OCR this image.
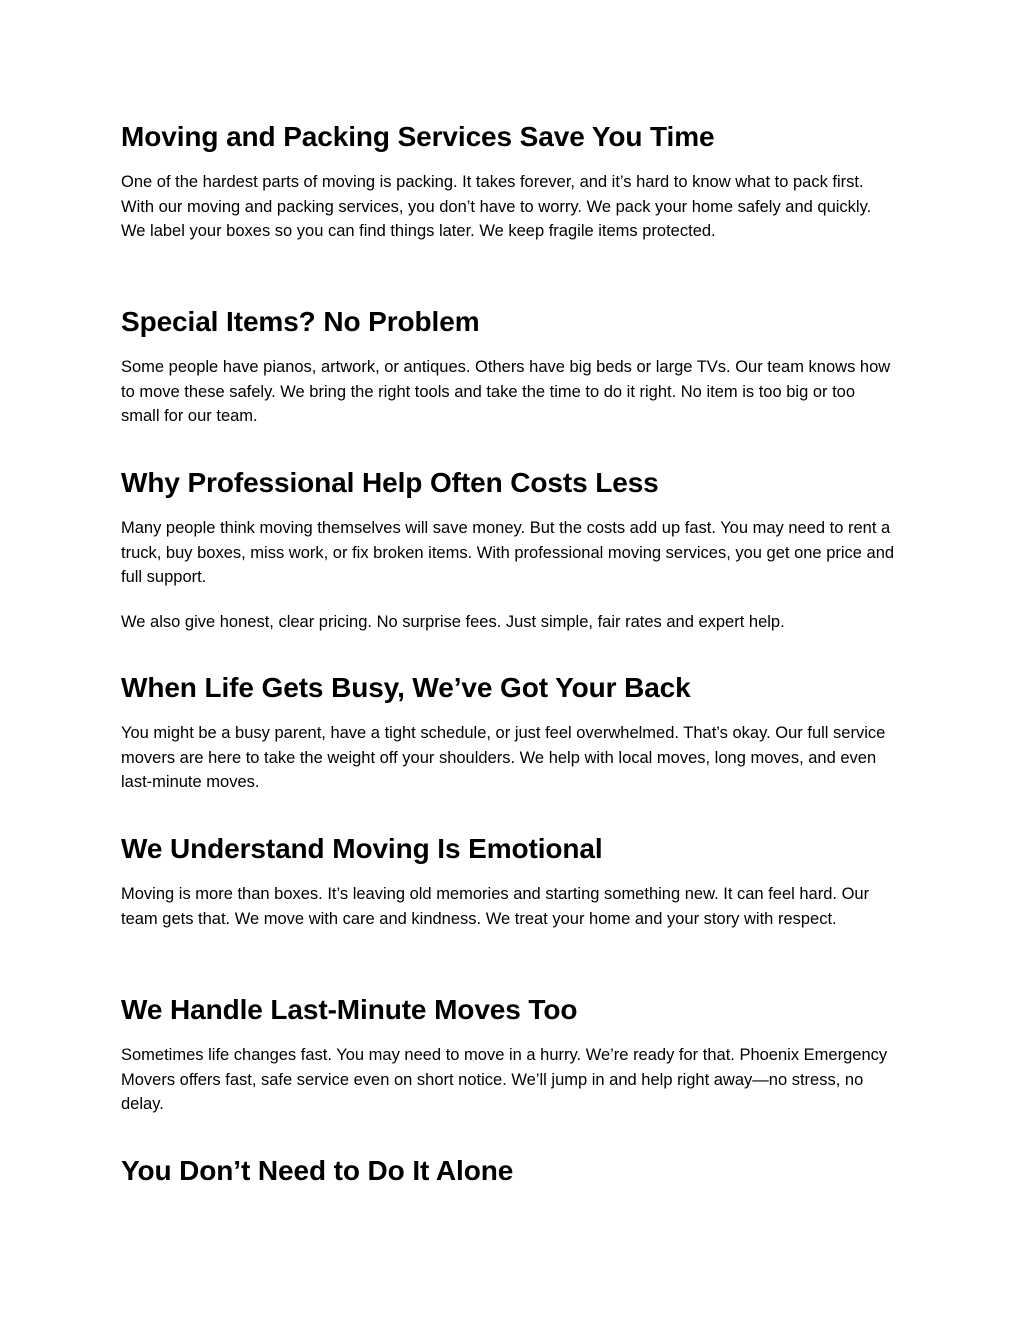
Moving and Packing Services Save You Time

One of the hardest parts of moving is packing. It takes forever, and it’s hard to know what to pack first. With our moving and packing services, you don’t have to worry. We pack your home safely and quickly. We label your boxes so you can find things later. We keep fragile items protected.

Special Items? No Problem

Some people have pianos, artwork, or antiques. Others have big beds or large TVs. Our team knows how to move these safely. We bring the right tools and take the time to do it right. No item is too big or too small for our team.

Why Professional Help Often Costs Less

Many people think moving themselves will save money. But the costs add up fast. You may need to rent a truck, buy boxes, miss work, or fix broken items. With professional moving services, you get one price and full support.

We also give honest, clear pricing. No surprise fees. Just simple, fair rates and expert help.

When Life Gets Busy, We’ve Got Your Back

You might be a busy parent, have a tight schedule, or just feel overwhelmed. That’s okay. Our full service movers are here to take the weight off your shoulders. We help with local moves, long moves, and even last-minute moves.

We Understand Moving Is Emotional

Moving is more than boxes. It’s leaving old memories and starting something new. It can feel hard. Our team gets that. We move with care and kindness. We treat your home and your story with respect.

We Handle Last-Minute Moves Too

Sometimes life changes fast. You may need to move in a hurry. We’re ready for that. Phoenix Emergency Movers offers fast, safe service even on short notice. We’ll jump in and help right away—no stress, no delay.

You Don’t Need to Do It Alone
